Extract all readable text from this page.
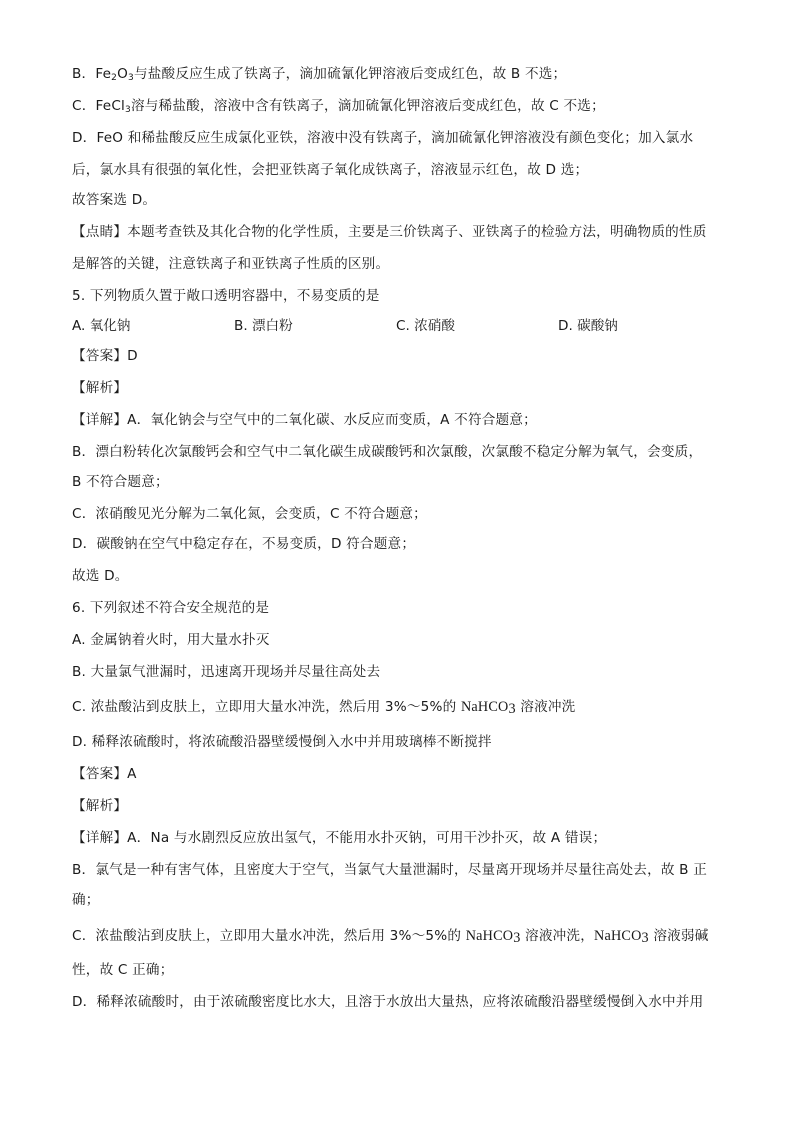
B．$Fe_2O_3$与盐酸反应生成了铁离子，滴加硫氰化钾溶液后变成红色，故 B 不选；
C．FeCl$_3$溶与稀盐酸，溶液中含有铁离子，滴加硫氰化钾溶液后变成红色，故 C 不选；
D．FeO 和稀盐酸反应生成氯化亚铁，溶液中没有铁离子，滴加硫氰化钾溶液没有颜色变化；加入氯水
后，氯水具有很强的氧化性，会把亚铁离子氧化成铁离子，溶液显示红色，故 D 选；
故答案选 D。
【点睛】本题考查铁及其化合物的化学性质，主要是三价铁离子、亚铁离子的检验方法，明确物质的性质
是解答的关键，注意铁离子和亚铁离子性质的区别。
5. 下列物质久置于敞口透明容器中，不易变质的是
A. 氧化钠	B. 漂白粉	C. 浓硝酸	D. 碳酸钠
【答案】D
【解析】
【详解】A．氧化钠会与空气中的二氧化碳、水反应而变质，A 不符合题意；
B．漂白粉转化次氯酸钙会和空气中二氧化碳生成碳酸钙和次氯酸，次氯酸不稳定分解为氧气，会变质，
B 不符合题意；
C．浓硝酸见光分解为二氧化氮，会变质，C 不符合题意；
D．碳酸钠在空气中稳定存在，不易变质，D 符合题意；
故选 D。
6. 下列叙述不符合安全规范的是
A. 金属钠着火时，用大量水扑灭
B. 大量氯气泄漏时，迅速离开现场并尽量往高处去
C. 浓盐酸沾到皮肤上，立即用大量水冲洗，然后用 3%～5%的 NaHCO$_3$ 溶液冲洗
D. 稀释浓硫酸时，将浓硫酸沿器壁缓慢倒入水中并用玻璃棒不断搅拌
【答案】A
【解析】
【详解】A．Na 与水剧烈反应放出氢气，不能用水扑灭钠，可用干沙扑灭，故 A 错误；
B．氯气是一种有害气体，且密度大于空气，当氯气大量泄漏时，尽量离开现场并尽量往高处去，故 B 正
确；
C．浓盐酸沾到皮肤上，立即用大量水冲洗，然后用 3%～5%的 NaHCO$_3$ 溶液冲洗，NaHCO$_3$ 溶液弱碱
性，故 C 正确；
D．稀释浓硫酸时，由于浓硫酸密度比水大，且溶于水放出大量热，应将浓硫酸沿器壁缓慢倒入水中并用
